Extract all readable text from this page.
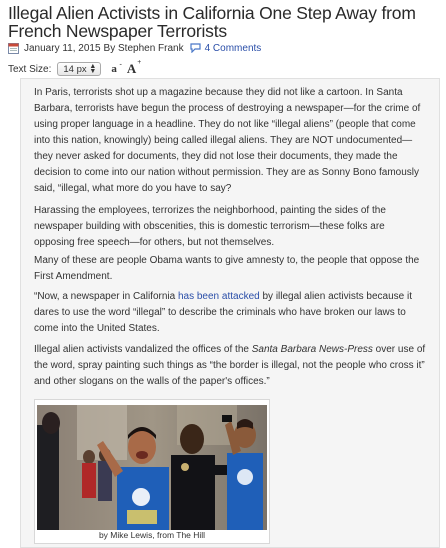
Illegal Alien Activists in California One Step Away from French Newspaper Terrorists
January 11, 2015 By Stephen Frank 4 Comments
Text Size: 14 px ▲
▼ a - A +

In Paris, terrorists shot up a magazine because they did not like a cartoon. In Santa Barbara, terrorists have begun the process of destroying a newspaper—for the crime of using proper language in a headline. They do not like “illegal aliens” (people that come into this nation, knowingly) being called illegal aliens. They are NOT undocumented—they never asked for documents, they did not lose their documents, they made the decision to come into our nation without permission. They are as Sonny Bono famously said, “illegal, what more do you have to say?

Harassing the employees, terrorizes the neighborhood, painting the sides of the newspaper building with obscenities, this is domestic terrorism—these folks are opposing free speech—for others, but not themselves.

Many of these are people Obama wants to give amnesty to, the people that oppose the First Amendment.

“Now, a newspaper in California has been attacked by illegal alien activists because it dares to use the word “illegal” to describe the criminals who have broken our laws to come into the United States.

Illegal alien activists vandalized the offices of the Santa Barbara News-Press over use of the word, spray painting such things as “the border is illegal, not the people who cross it” and other slogans on the walls of the paper's offices.”

by Mike Lewis, from The Hill
